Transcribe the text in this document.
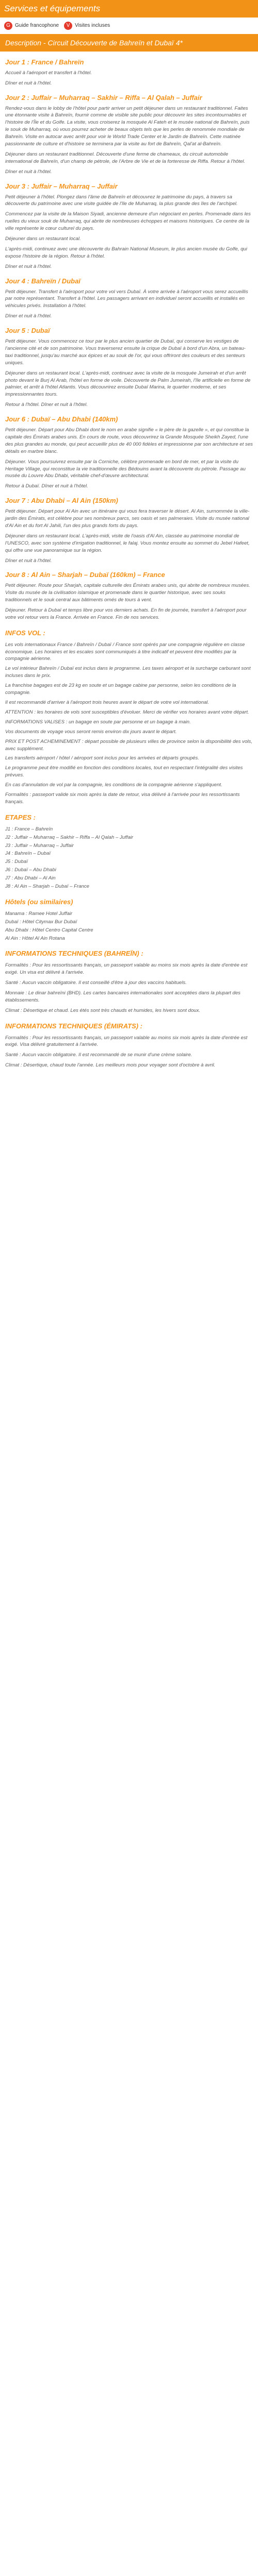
Services et équipements
G Guide francophone	V Visites incluses
Description - Circuit Découverte de Bahreïn et Dubaï 4*
Jour 1 : France / Bahreïn

Accueil à l'aéroport et transfert à l'hôtel.

Dîner et nuit à l'hôtel.

Jour 2 : Juffair – Muharraq – Sakhir – Riffa – Al Qalah – Juffair

Rendez-vous dans le lobby de l'hôtel pour partir arriver un petit déjeuner dans un restaurant traditionnel. Faites une étonnante visite à Bahreïn, fournir comme de visible site public pour découvrir les sites incontournables et l'histoire de l'Île et du Golfe. La visite, vous croiserez la mosquée Al Fateh et le musée national de Bahreïn, puis le souk de Muharraq, où vous pourrez acheter de beaux objets tels que les perles de renommée mondiale de Bahreïn. Visite en autocar avec arrêt pour voir le World Trade Center et le Jardin de Bahreïn. Cette matinée passionnante de culture et d'histoire se terminera par la visite au fort de Bahreïn, Qal'at al-Bahreïn.

Déjeuner dans un restaurant traditionnel. Découverte d'une ferme de chameaux, du circuit automobile international de Bahreïn, d'un champ de pétrole, de l'Arbre de Vie et de la forteresse de Riffa. Retour à l'hôtel.

Dîner et nuit à l'hôtel.

Jour 3 : Juffair – Muharraq – Juffair

Petit déjeuner à l'hôtel. Plongez dans l'âme de Bahreïn et découvrez le patrimoine du pays, à travers sa découverte du patrimoine avec une visite guidée de l'île de Muharraq, la plus grande des îles de l'archipel.

Commencez par la visite de la Maison Siyadi, ancienne demeure d'un négociant en perles. Promenade dans les ruelles du vieux souk de Muharraq, qui abrite de nombreuses échoppes et maisons historiques. Ce centre de la ville représente le cœur culturel du pays.

Déjeuner dans un restaurant local.

L'après-midi, continuez avec une découverte du Bahrain National Museum, le plus ancien musée du Golfe, qui expose l'histoire de la région. Retour à l'hôtel.

Dîner et nuit à l'hôtel.

Jour 4 : Bahreïn / Dubaï

Petit déjeuner. Transfert à l'aéroport pour votre vol vers Dubaï. À votre arrivée à l'aéroport vous serez accueillis par notre représentant. Transfert à l'hôtel. Les passagers arrivant en individuel seront accueillis et installés en véhicules privés. Installation à l'hôtel.

Dîner et nuit à l'hôtel.

Jour 5 : Dubaï

Petit déjeuner. Vous commencez ce tour par le plus ancien quartier de Dubaï, qui conserve les vestiges de l'ancienne cité et de son patrimoine. Vous traverserez ensuite la crique de Dubaï à bord d'un Abra, un bateau-taxi traditionnel, jusqu'au marché aux épices et au souk de l'or, qui vous offriront des couleurs et des senteurs uniques.

Déjeuner dans un restaurant local. L'après-midi, continuez avec la visite de la mosquée Jumeirah et d'un arrêt photo devant le Burj Al Arab, l'hôtel en forme de voile. Découverte de Palm Jumeirah, l'île artificielle en forme de palmier, et arrêt à l'hôtel Atlantis. Vous découvrirez ensuite Dubaï Marina, le quartier moderne, et ses impressionnantes tours.

Retour à l'hôtel. Dîner et nuit à l'hôtel.

Jour 6 : Dubaï – Abu Dhabi (140km)

Petit déjeuner. Départ pour Abu Dhabi dont le nom en arabe signifie « le père de la gazelle », et qui constitue la capitale des Émirats arabes unis. En cours de route, vous découvrirez la Grande Mosquée Sheikh Zayed, l'une des plus grandes au monde, qui peut accueillir plus de 40 000 fidèles et impressionne par son architecture et ses détails en marbre blanc.

Déjeuner. Vous poursuivrez ensuite par la Corniche, célèbre promenade en bord de mer, et par la visite du Heritage Village, qui reconstitue la vie traditionnelle des Bédouins avant la découverte du pétrole. Passage au musée du Louvre Abu Dhabi, véritable chef-d'œuvre architectural.

Retour à Dubaï. Dîner et nuit à l'hôtel.

Jour 7 : Abu Dhabi – Al Ain (150km)

Petit déjeuner. Départ pour Al Ain avec un itinéraire qui vous fera traverser le désert. Al Ain, surnommée la ville-jardin des Émirats, est célèbre pour ses nombreux parcs, ses oasis et ses palmeraies. Visite du musée national d'Al Ain et du fort Al Jahili, l'un des plus grands forts du pays.

Déjeuner dans un restaurant local. L'après-midi, visite de l'oasis d'Al Ain, classée au patrimoine mondial de l'UNESCO, avec son système d'irrigation traditionnel, le falaj. Vous montez ensuite au sommet du Jebel Hafeet, qui offre une vue panoramique sur la région.

Dîner et nuit à l'hôtel.

Jour 8 : Al Ain – Sharjah – Dubaï (160km) – France

Petit déjeuner. Route pour Sharjah, capitale culturelle des Émirats arabes unis, qui abrite de nombreux musées. Visite du musée de la civilisation islamique et promenade dans le quartier historique, avec ses souks traditionnels et le souk central aux bâtiments ornés de tours à vent.

Déjeuner. Retour à Dubaï et temps libre pour vos derniers achats. En fin de journée, transfert à l'aéroport pour votre vol retour vers la France. Arrivée en France. Fin de nos services.

INFOS VOL :

Les vols internationaux France / Bahreïn / Dubaï / France sont opérés par une compagnie régulière en classe économique. Les horaires et les escales sont communiqués à titre indicatif et peuvent être modifiés par la compagnie aérienne.

Le vol intérieur Bahreïn / Dubaï est inclus dans le programme. Les taxes aéroport et la surcharge carburant sont incluses dans le prix.

La franchise bagages est de 23 kg en soute et un bagage cabine par personne, selon les conditions de la compagnie.

Il est recommandé d'arriver à l'aéroport trois heures avant le départ de votre vol international.

ATTENTION : les horaires de vols sont susceptibles d'évoluer. Merci de vérifier vos horaires avant votre départ.

INFORMATIONS VALISES : un bagage en soute par personne et un bagage à main.

Vos documents de voyage vous seront remis environ dix jours avant le départ.

PRIX ET POST ACHEMINEMENT : départ possible de plusieurs villes de province selon la disponibilité des vols, avec supplément.

Les transferts aéroport / hôtel / aéroport sont inclus pour les arrivées et départs groupés.

Le programme peut être modifié en fonction des conditions locales, tout en respectant l'intégralité des visites prévues.

En cas d'annulation de vol par la compagnie, les conditions de la compagnie aérienne s'appliquent.

Formalités : passeport valide six mois après la date de retour, visa délivré à l'arrivée pour les ressortissants français.

ETAPES :
J1 : France – Bahreïn
J2 : Juffair – Muharraq – Sakhir – Riffa – Al Qalah – Juffair
J3 : Juffair – Muharraq – Juffair
J4 : Bahreïn – Dubaï
J5 : Dubaï
J6 : Dubaï – Abu Dhabi
J7 : Abu Dhabi – Al Ain
J8 : Al Ain – Sharjah – Dubaï – France
Hôtels (ou similaires)
Manama : Ramee Hotel Juffair
Dubaï : Hôtel Citymax Bur Dubaï
Abu Dhabi : Hôtel Centro Capital Centre
Al Ain : Hôtel Al Ain Rotana
INFORMATIONS TECHNIQUES (BAHREÏN) :

Formalités : Pour les ressortissants français, un passeport valable au moins six mois après la date d'entrée est exigé. Un visa est délivré à l'arrivée.

Santé : Aucun vaccin obligatoire. Il est conseillé d'être à jour des vaccins habituels.

Monnaie : Le dinar bahreïni (BHD). Les cartes bancaires internationales sont acceptées dans la plupart des établissements.

Climat : Désertique et chaud. Les étés sont très chauds et humides, les hivers sont doux.

INFORMATIONS TECHNIQUES (ÉMIRATS) :

Formalités : Pour les ressortissants français, un passeport valable au moins six mois après la date d'entrée est exigé. Visa délivré gratuitement à l'arrivée.

Santé : Aucun vaccin obligatoire. Il est recommandé de se munir d'une crème solaire.

Climat : Désertique, chaud toute l'année. Les meilleurs mois pour voyager sont d'octobre à avril.
